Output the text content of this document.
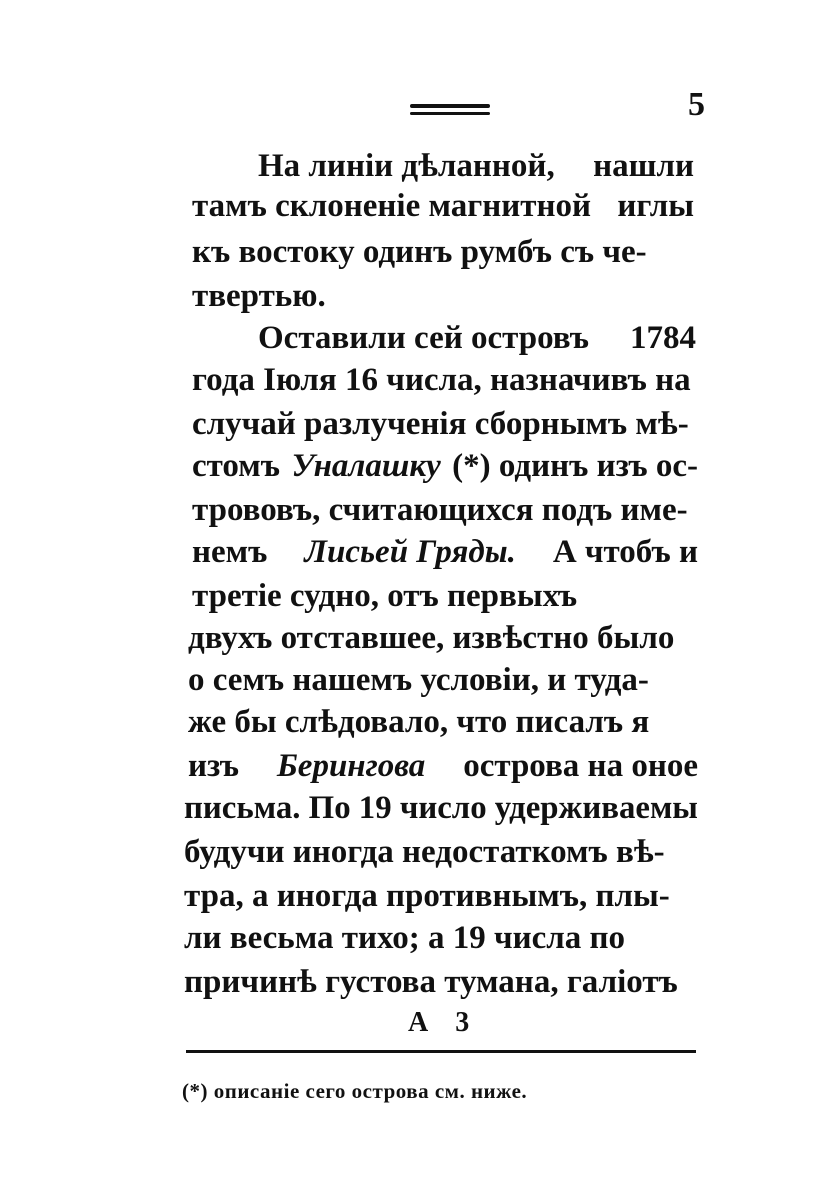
5
На линіи дѣланной, нашли
тамъ склоненіе магнитной иглы
къ востоку одинъ румбъ съ че-
твертью.
Оставили сей островъ 1784
года Іюля 16 числа, назначивъ на
случай разлученія сборнымъ мѣ-
стомъ Уналашку (*) одинъ изъ ос-
трововъ, считающихся подъ име-
немъ Лисьей Гряды. А чтобъ и
третіе судно, отъ первыхъ
двухъ отставшее, извѣстно было
о семъ нашемъ условіи, и туда-
же бы слѣдовало, что писалъ я
изъ Берингова острова на оное
письма. По 19 число удерживаемы
будучи иногда недостаткомъ вѣ-
тра, а иногда противнымъ, плы-
ли весьма тихо; а 19 числа по
причинѣ густова тумана, галіотъ
А 3
(*) описаніе сего острова см. ниже.
